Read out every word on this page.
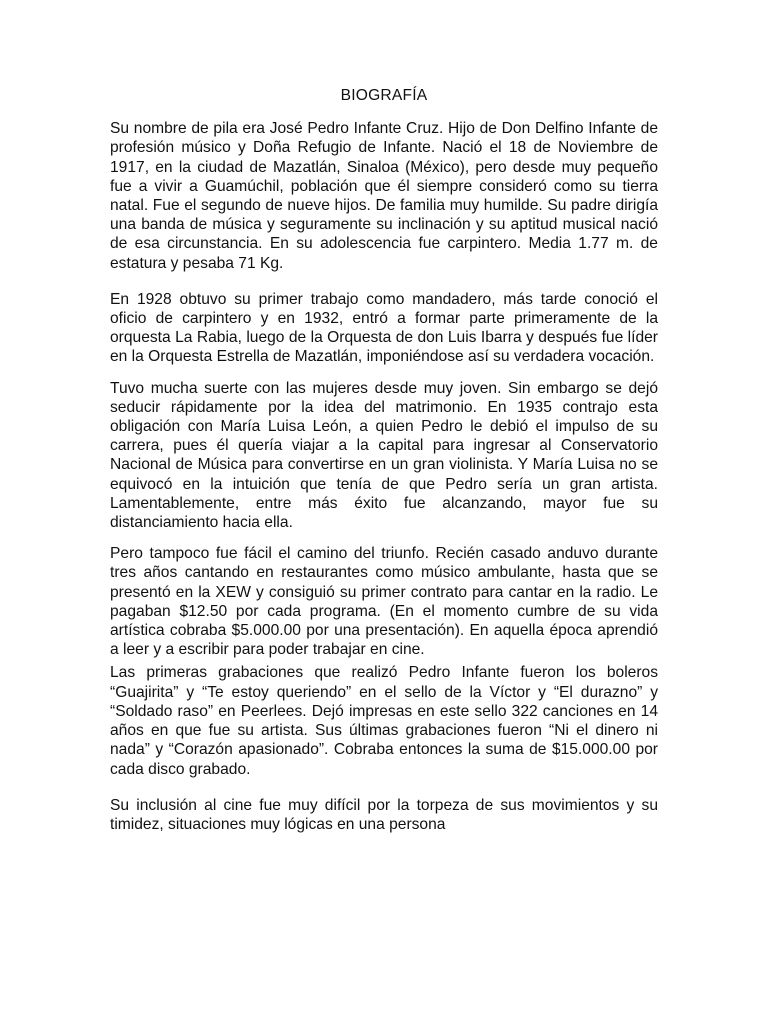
BIOGRAFÍA

Su nombre de pila era José Pedro Infante Cruz. Hijo de Don Delfino Infante de profesión músico y Doña Refugio de Infante. Nació el 18 de Noviembre de 1917, en la ciudad de Mazatlán, Sinaloa (México), pero desde muy pequeño fue a vivir a Guamúchil, población que él siempre consideró como su tierra natal. Fue el segundo de nueve hijos. De familia muy humilde. Su padre dirigía una banda de música y seguramente su inclinación y su aptitud musical nació de esa circunstancia. En su adolescencia fue carpintero. Media 1.77 m. de estatura y pesaba 71 Kg.

En 1928 obtuvo su primer trabajo como mandadero, más tarde conoció el oficio de carpintero y en 1932, entró a formar parte primeramente de la orquesta La Rabia, luego de la Orquesta de don Luis Ibarra y después fue líder en la Orquesta Estrella de Mazatlán, imponiéndose así su verdadera vocación.

Tuvo mucha suerte con las mujeres desde muy joven. Sin embargo se dejó seducir rápidamente por la idea del matrimonio. En 1935 contrajo esta obligación con María Luisa León, a quien Pedro le debió el impulso de su carrera, pues él quería viajar a la capital para ingresar al Conservatorio Nacional de Música para convertirse en un gran violinista. Y María Luisa no se equivocó en la intuición que tenía de que Pedro sería un gran artista. Lamentablemente, entre más éxito fue alcanzando, mayor fue su distanciamiento hacia ella.

Pero tampoco fue fácil el camino del triunfo. Recién casado anduvo durante tres años cantando en restaurantes como músico ambulante, hasta que se presentó en la XEW y consiguió su primer contrato para cantar en la radio. Le pagaban $12.50 por cada programa. (En el momento cumbre de su vida artística cobraba $5.000.00 por una presentación). En aquella época aprendió a leer y a escribir para poder trabajar en cine.

Las primeras grabaciones que realizó Pedro Infante fueron los boleros “Guajirita” y “Te estoy queriendo” en el sello de la Víctor y “El durazno” y “Soldado raso” en Peerlees. Dejó impresas en este sello 322 canciones en 14 años en que fue su artista. Sus últimas grabaciones fueron “Ni el dinero ni nada” y “Corazón apasionado”. Cobraba entonces la suma de $15.000.00 por cada disco grabado.

Su inclusión al cine fue muy difícil por la torpeza de sus movimientos y su timidez, situaciones muy lógicas en una persona
